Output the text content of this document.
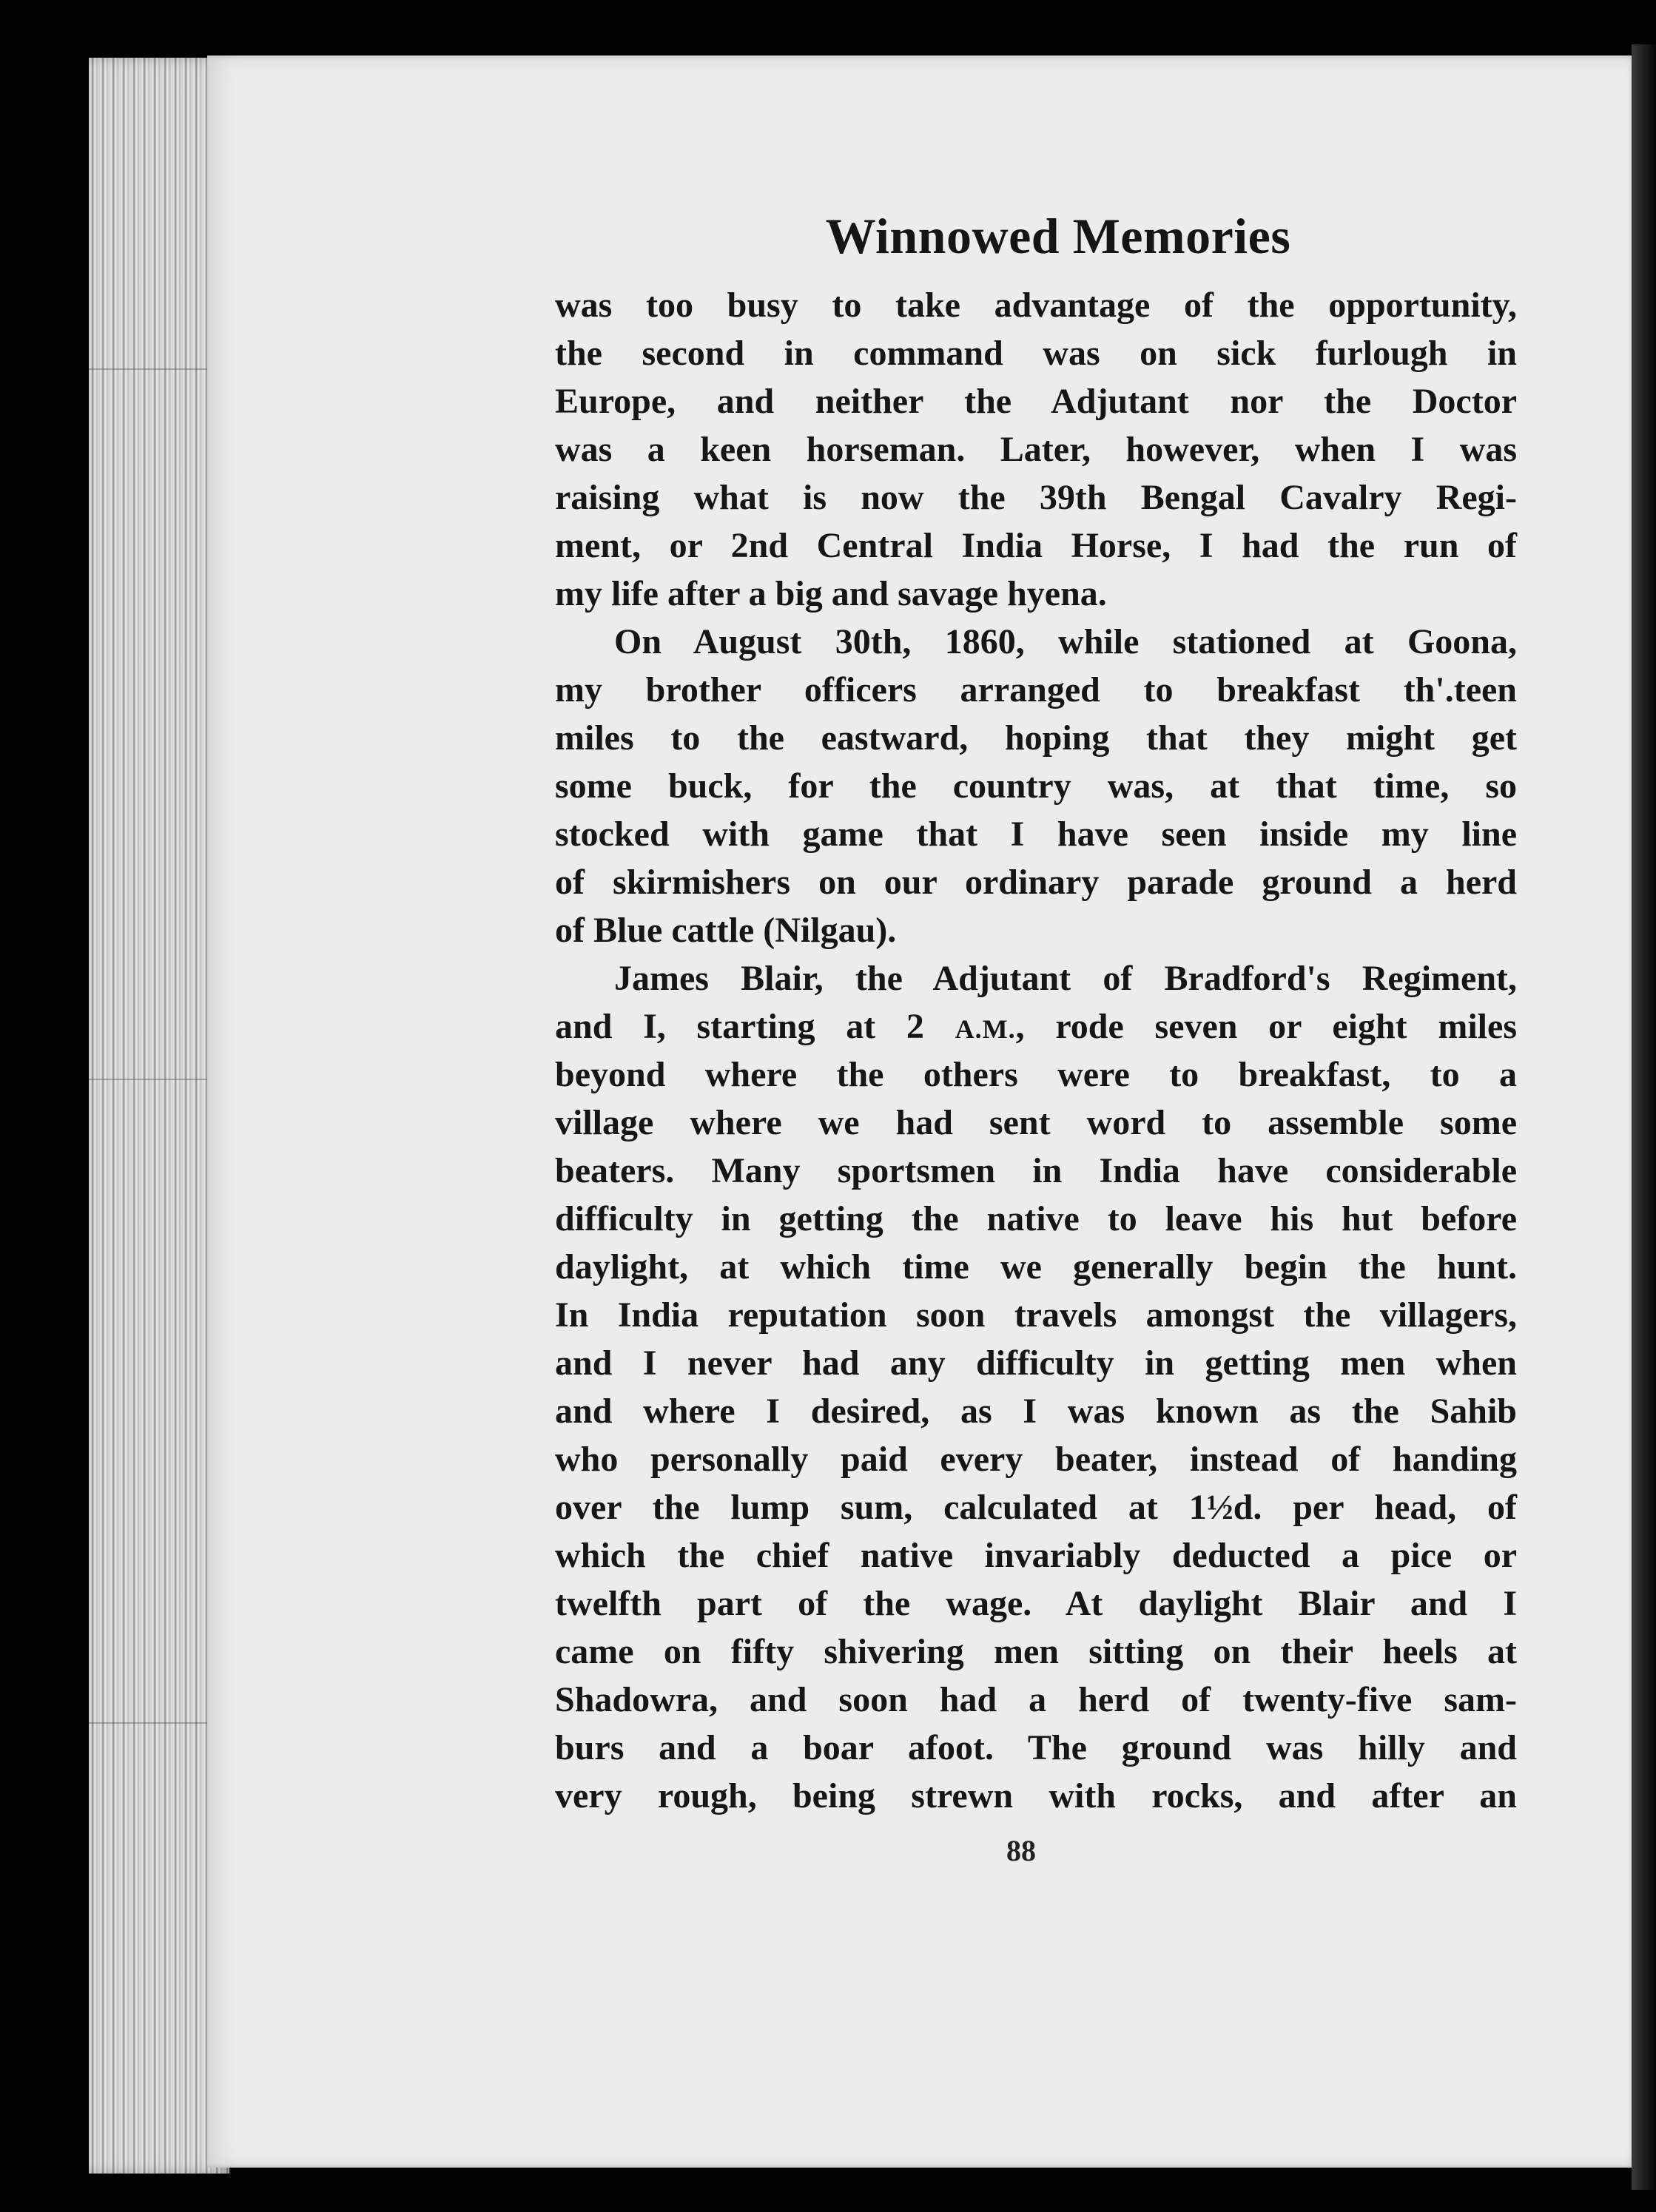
Winnowed Memories
was too busy to take advantage of the opportunity,
the second in command was on sick furlough in
Europe, and neither the Adjutant nor the Doctor
was a keen horseman. Later, however, when I was
raising what is now the 39th Bengal Cavalry Regi-
ment, or 2nd Central India Horse, I had the run of
my life after a big and savage hyena.
On August 30th, 1860, while stationed at Goona,
my brother officers arranged to breakfast th'.teen
miles to the eastward, hoping that they might get
some buck, for the country was, at that time, so
stocked with game that I have seen inside my line
of skirmishers on our ordinary parade ground a herd
of Blue cattle (Nilgau).
James Blair, the Adjutant of Bradford's Regiment,
and I, starting at 2 A.M., rode seven or eight miles
beyond where the others were to breakfast, to a
village where we had sent word to assemble some
beaters. Many sportsmen in India have considerable
difficulty in getting the native to leave his hut before
daylight, at which time we generally begin the hunt.
In India reputation soon travels amongst the villagers,
and I never had any difficulty in getting men when
and where I desired, as I was known as the Sahib
who personally paid every beater, instead of handing
over the lump sum, calculated at 1½d. per head, of
which the chief native invariably deducted a pice or
twelfth part of the wage. At daylight Blair and I
came on fifty shivering men sitting on their heels at
Shadowra, and soon had a herd of twenty-five sam-
burs and a boar afoot. The ground was hilly and
very rough, being strewn with rocks, and after an
88
